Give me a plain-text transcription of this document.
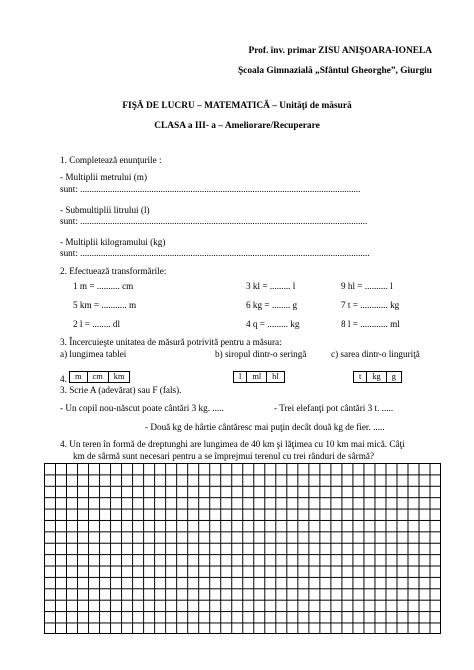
Prof. înv. primar ZISU ANIŞOARA-IONELA
Şcoala Gimnazială „Sfântul Gheorghe”, Giurgiu
FIŞĂ DE LUCRU – MATEMATICĂ – Unităţi de măsură
CLASA a III- a – Ameliorare/Recuperare
1. Completează enunţurile :
- Multiplii metrului (m)
sunt: ..........................................................................................................................
- Submultiplii litrului (l)
sunt: .............................................................................................................................
- Multiplii kilogramului (kg)
sunt: ..............................................................................................................................
2. Efectuează transformările:
1 m = .......... cm	3 kl = ......... l	9 hl = .......... l
5 km = ........... m	6 kg = ........ g	7 t = ............ kg
2 l = ........ dl	4 q = ......... kg	8 l = ............ ml
3. Încercuieşte unitatea de măsură potrivită pentru a măsura:
a) lungimea tablei	b) siropul dintr-o seringă	c) sarea dintr-o linguriţă
4. m cm km	l ml hl	t kg g
3. Scrie A (adevărat) sau F (fals).
- Un copil nou-născut poate cântări 3 kg. .....	- Trei elefanţi pot cântări 3 t. .....
- Două kg de hârtie cântăresc mai puţin decât două kg de fier. .....
4. Un teren în formă de dreptunghi are lungimea de 40 km şi lăţimea cu 10 km mai mică. Câţi
km de sârmă sunt necesari pentru a se împrejmui terenul cu trei rânduri de sârmă?
